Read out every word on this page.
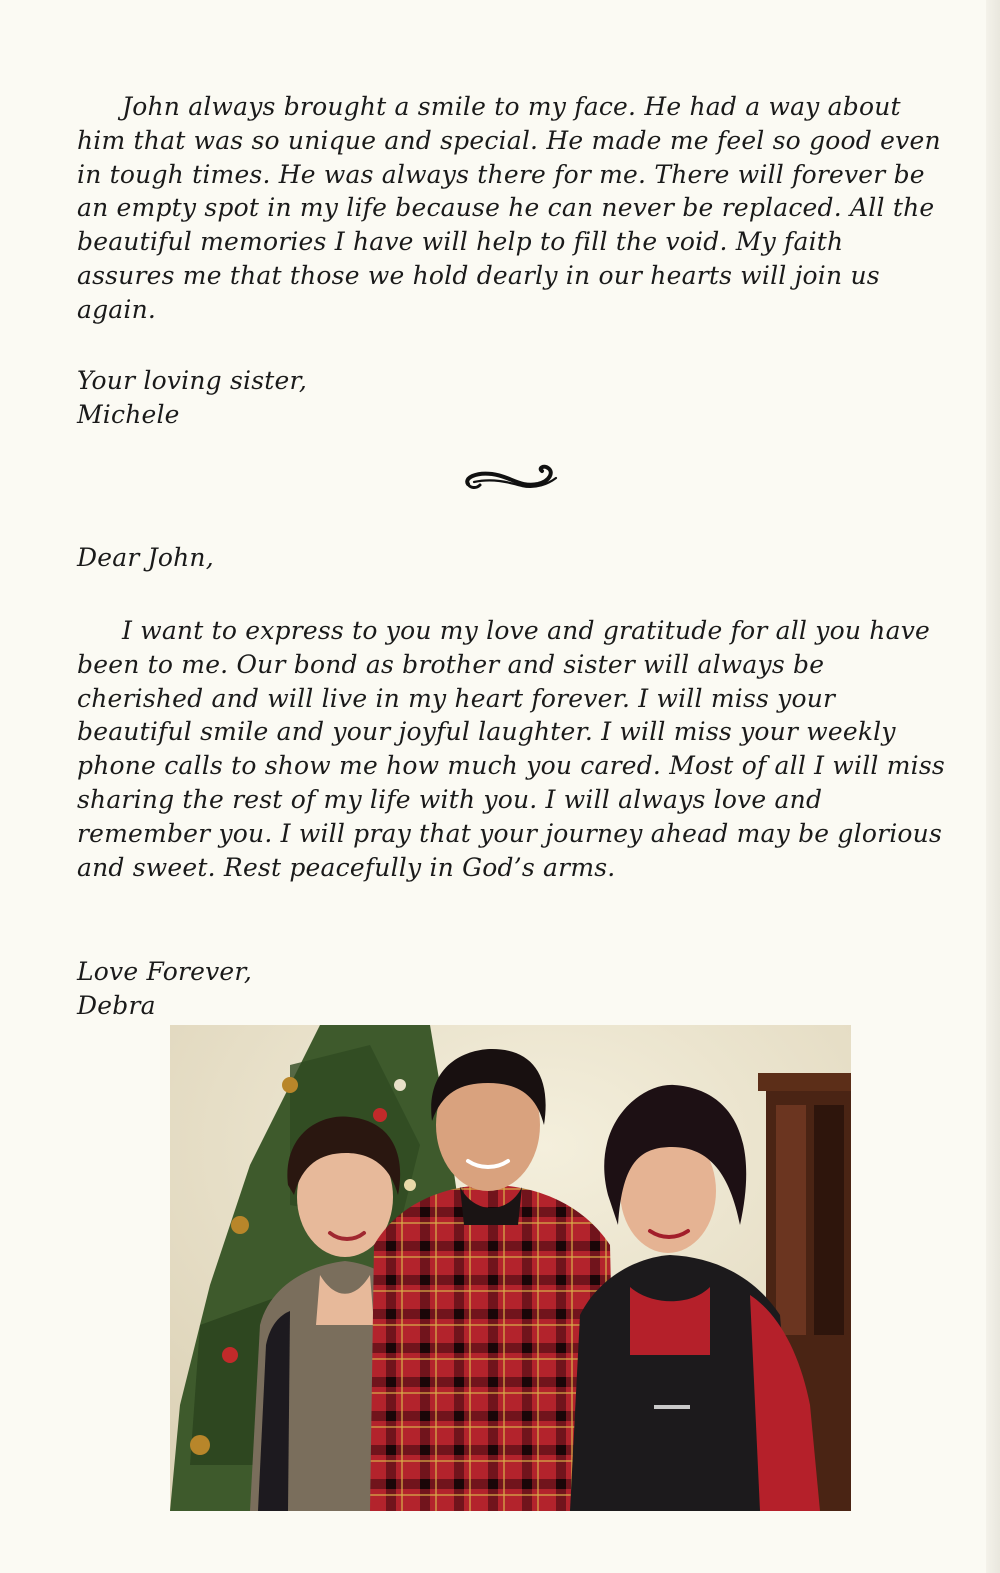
John always brought a smile to my face. He had a way about him that was so unique and special. He made me feel so good even in tough times. He was always there for me. There will forever be an empty spot in my life because he can never be replaced. All the beautiful memories I have will help to fill the void. My faith assures me that those we hold dearly in our hearts will join us again.

Your loving sister,

Michele

Dear John,

I want to express to you my love and gratitude for all you have been to me. Our bond as brother and sister will always be cherished and will live in my heart forever. I will miss your beautiful smile and your joyful laughter. I will miss your weekly phone calls to show me how much you cared. Most of all I will miss sharing the rest of my life with you. I will always love and remember you. I will pray that your journey ahead may be glorious and sweet. Rest peacefully in God’s arms.

Love Forever,

Debra
